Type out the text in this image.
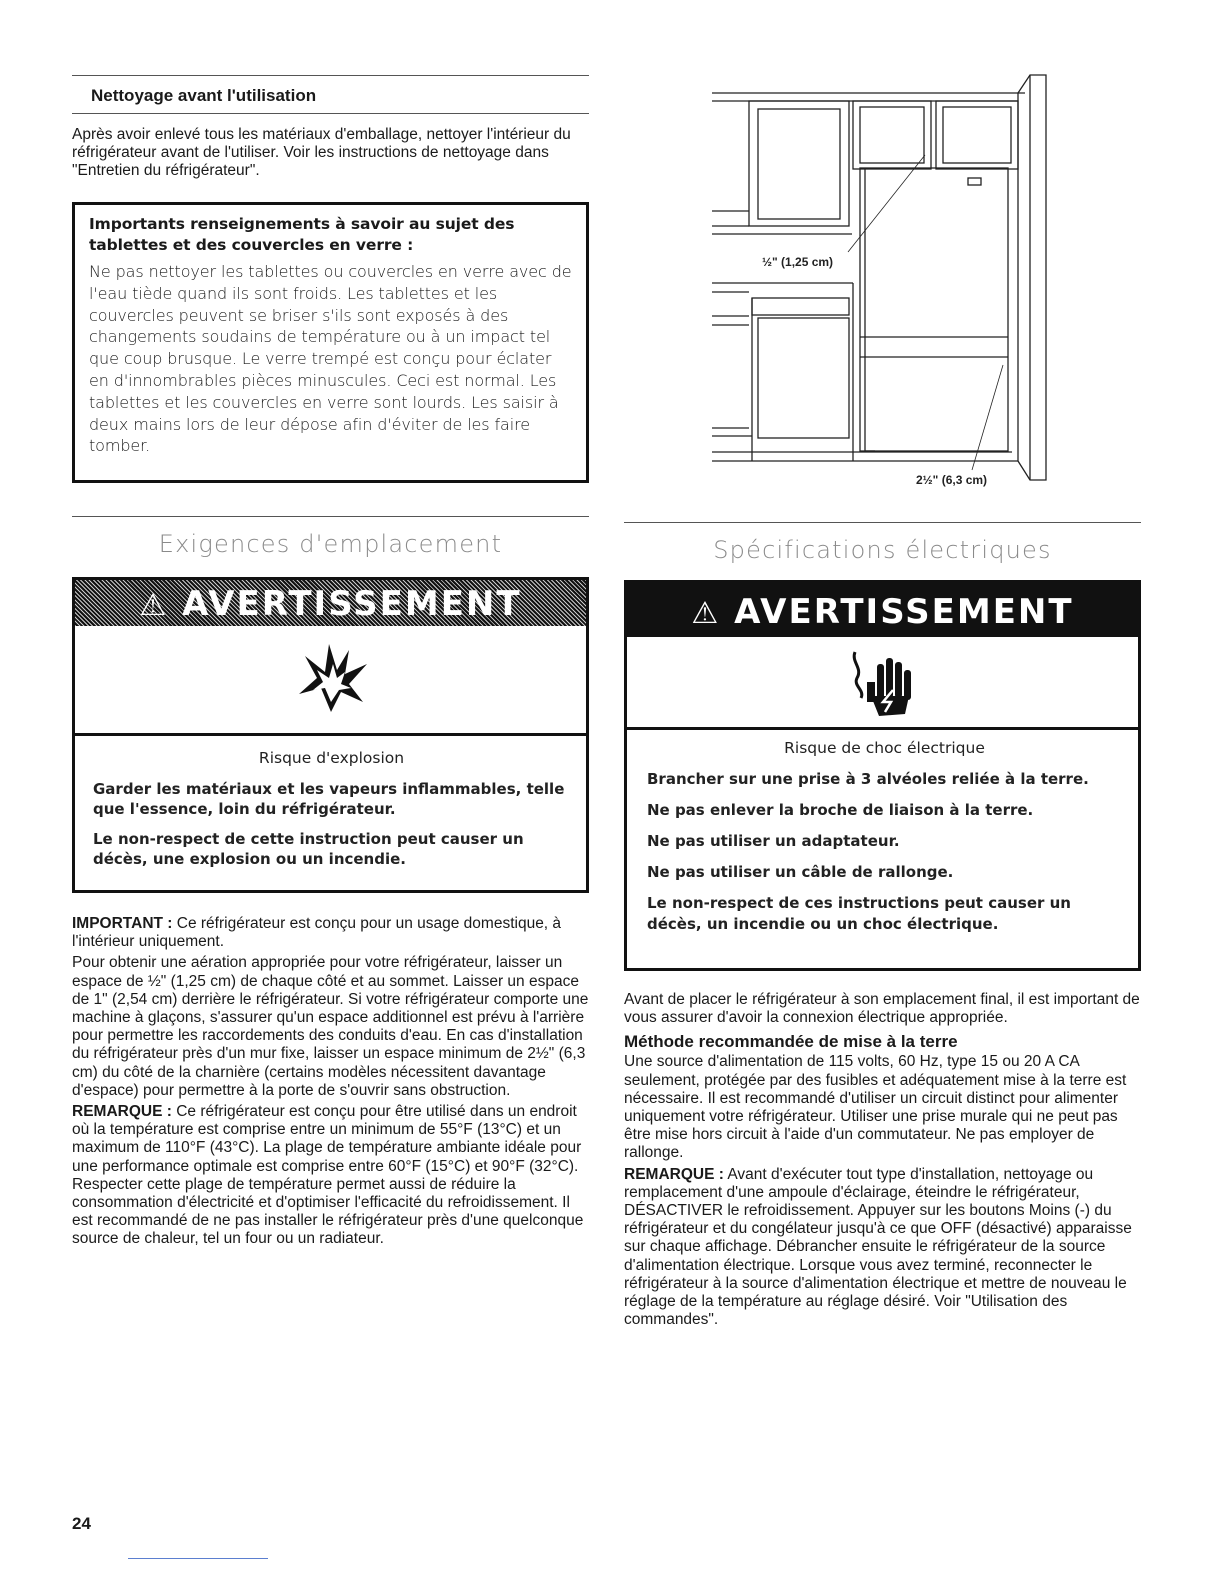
Nettoyage avant l'utilisation

Après avoir enlevé tous les matériaux d'emballage, nettoyer l'intérieur du réfrigérateur avant de l'utiliser. Voir les instructions de nettoyage dans "Entretien du réfrigérateur".

Importants renseignements à savoir au sujet des tablettes et des couvercles en verre :

Ne pas nettoyer les tablettes ou couvercles en verre avec de l'eau tiède quand ils sont froids. Les tablettes et les couvercles peuvent se briser s'ils sont exposés à des changements soudains de température ou à un impact tel que coup brusque. Le verre trempé est conçu pour éclater en d'innombrables pièces minuscules. Ceci est normal. Les tablettes et les couvercles en verre sont lourds. Les saisir à deux mains lors de leur dépose afin d'éviter de les faire tomber.

½" (1,25 cm)
2½" (6,3 cm)
Exigences d'emplacement
⚠ AVERTISSEMENT

Risque d'explosion

Garder les matériaux et les vapeurs inflammables, telle que l'essence, loin du réfrigérateur.

Le non-respect de cette instruction peut causer un décès, une explosion ou un incendie.

IMPORTANT : Ce réfrigérateur est conçu pour un usage domestique, à l'intérieur uniquement.

Pour obtenir une aération appropriée pour votre réfrigérateur, laisser un espace de ½" (1,25 cm) de chaque côté et au sommet. Laisser un espace de 1" (2,54 cm) derrière le réfrigérateur. Si votre réfrigérateur comporte une machine à glaçons, s'assurer qu'un espace additionnel est prévu à l'arrière pour permettre les raccordements des conduits d'eau. En cas d'installation du réfrigérateur près d'un mur fixe, laisser un espace minimum de 2½" (6,3 cm) du côté de la charnière (certains modèles nécessitent davantage d'espace) pour permettre à la porte de s'ouvrir sans obstruction.

REMARQUE : Ce réfrigérateur est conçu pour être utilisé dans un endroit où la température est comprise entre un minimum de 55°F (13°C) et un maximum de 110°F (43°C). La plage de température ambiante idéale pour une performance optimale est comprise entre 60°F (15°C) et 90°F (32°C). Respecter cette plage de température permet aussi de réduire la consommation d'électricité et d'optimiser l'efficacité du refroidissement. Il est recommandé de ne pas installer le réfrigérateur près d'une quelconque source de chaleur, tel un four ou un radiateur.

Spécifications électriques
⚠ AVERTISSEMENT

Risque de choc électrique

Brancher sur une prise à 3 alvéoles reliée à la terre.

Ne pas enlever la broche de liaison à la terre.

Ne pas utiliser un adaptateur.

Ne pas utiliser un câble de rallonge.

Le non-respect de ces instructions peut causer un décès, un incendie ou un choc électrique.

Avant de placer le réfrigérateur à son emplacement final, il est important de vous assurer d'avoir la connexion électrique appropriée.

Méthode recommandée de mise à la terre

Une source d'alimentation de 115 volts, 60 Hz, type 15 ou 20 A CA seulement, protégée par des fusibles et adéquatement mise à la terre est nécessaire. Il est recommandé d'utiliser un circuit distinct pour alimenter uniquement votre réfrigérateur. Utiliser une prise murale qui ne peut pas être mise hors circuit à l'aide d'un commutateur. Ne pas employer de rallonge.

REMARQUE : Avant d'exécuter tout type d'installation, nettoyage ou remplacement d'une ampoule d'éclairage, éteindre le réfrigérateur, DÉSACTIVER le refroidissement. Appuyer sur les boutons Moins (-) du réfrigérateur et du congélateur jusqu'à ce que OFF (désactivé) apparaisse sur chaque affichage. Débrancher ensuite le réfrigérateur de la source d'alimentation électrique. Lorsque vous avez terminé, reconnecter le réfrigérateur à la source d'alimentation électrique et mettre de nouveau le réglage de la température au réglage désiré. Voir "Utilisation des commandes".

24
